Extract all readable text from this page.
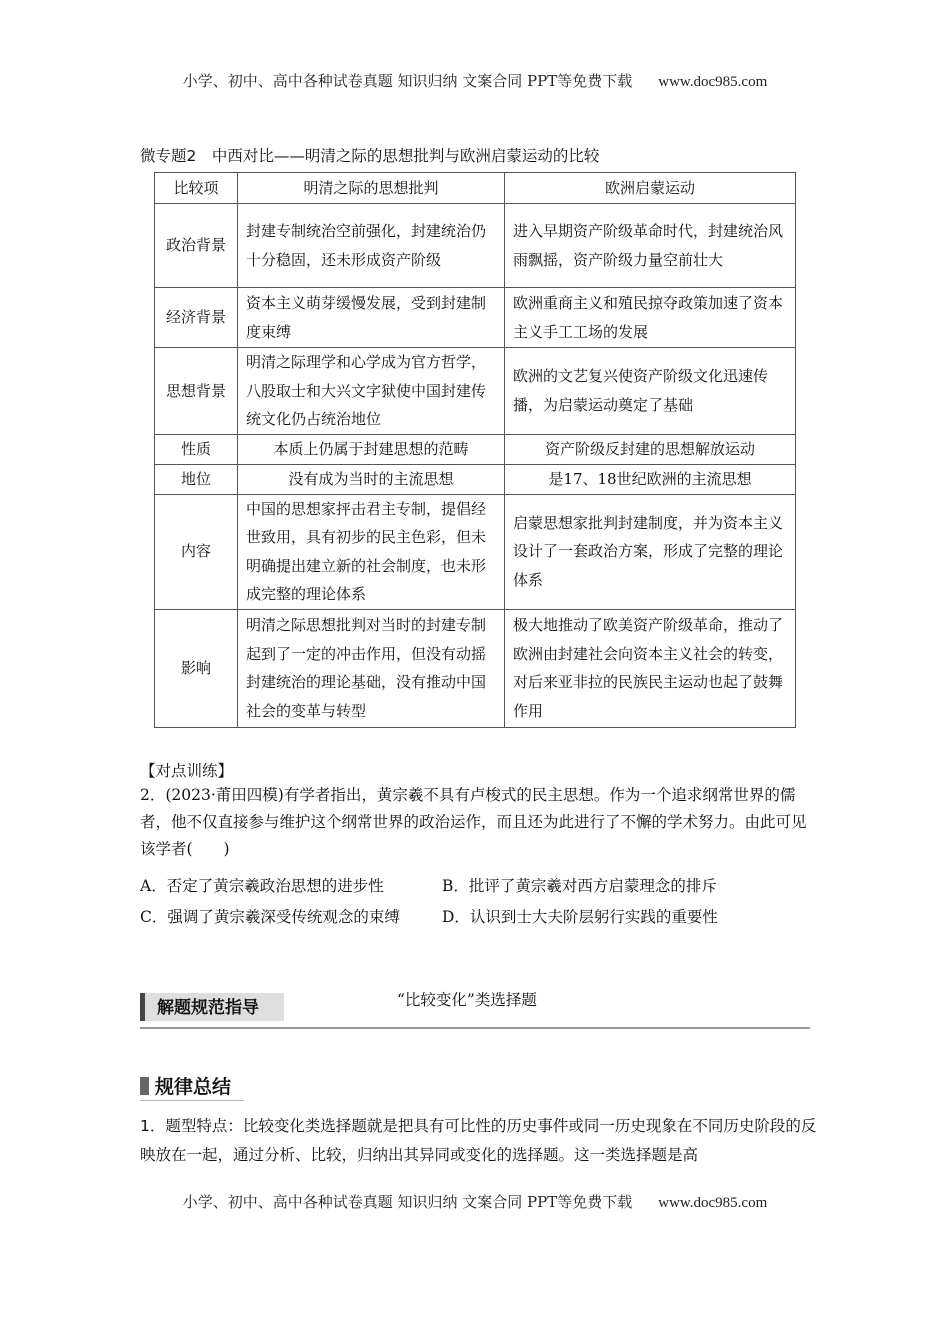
小学、初中、高中各种试卷真题 知识归纳 文案合同 PPT等免费下载 www.doc985.com
微专题2　中西对比——明清之际的思想批判与欧洲启蒙运动的比较
比较项	明清之际的思想批判	欧洲启蒙运动
政治背景	封建专制统治空前强化，封建统治仍十分稳固，还未形成资产阶级	进入早期资产阶级革命时代，封建统治风雨飘摇，资产阶级力量空前壮大
经济背景	资本主义萌芽缓慢发展，受到封建制度束缚	欧洲重商主义和殖民掠夺政策加速了资本主义手工工场的发展
思想背景	明清之际理学和心学成为官方哲学，八股取士和大兴文字狱使中国封建传统文化仍占统治地位	欧洲的文艺复兴使资产阶级文化迅速传播，为启蒙运动奠定了基础
性质	本质上仍属于封建思想的范畴	资产阶级反封建的思想解放运动
地位	没有成为当时的主流思想	是17、18世纪欧洲的主流思想
内容	中国的思想家抨击君主专制，提倡经世致用，具有初步的民主色彩，但未明确提出建立新的社会制度，也未形成完整的理论体系	启蒙思想家批判封建制度，并为资本主义设计了一套政治方案，形成了完整的理论体系
影响	明清之际思想批判对当时的封建专制起到了一定的冲击作用，但没有动摇封建统治的理论基础，没有推动中国社会的变革与转型	极大地推动了欧美资产阶级革命，推动了欧洲由封建社会向资本主义社会的转变，对后来亚非拉的民族民主运动也起了鼓舞作用
【对点训练】
2．(2023·莆田四模)有学者指出，黄宗羲不具有卢梭式的民主思想。作为一个追求纲常世界的儒者，他不仅直接参与维护这个纲常世界的政治运作，而且还为此进行了不懈的学术努力。由此可见该学者(　　)
A．否定了黄宗羲政治思想的进步性	B．批评了黄宗羲对西方启蒙理念的排斥
C．强调了黄宗羲深受传统观念的束缚	D．认识到士大夫阶层躬行实践的重要性
解题规范指导	“比较变化”类选择题
规律总结
1．题型特点：比较变化类选择题就是把具有可比性的历史事件或同一历史现象在不同历史阶段的反映放在一起，通过分析、比较，归纳出其异同或变化的选择题。这一类选择题是高
小学、初中、高中各种试卷真题 知识归纳 文案合同 PPT等免费下载 www.doc985.com
